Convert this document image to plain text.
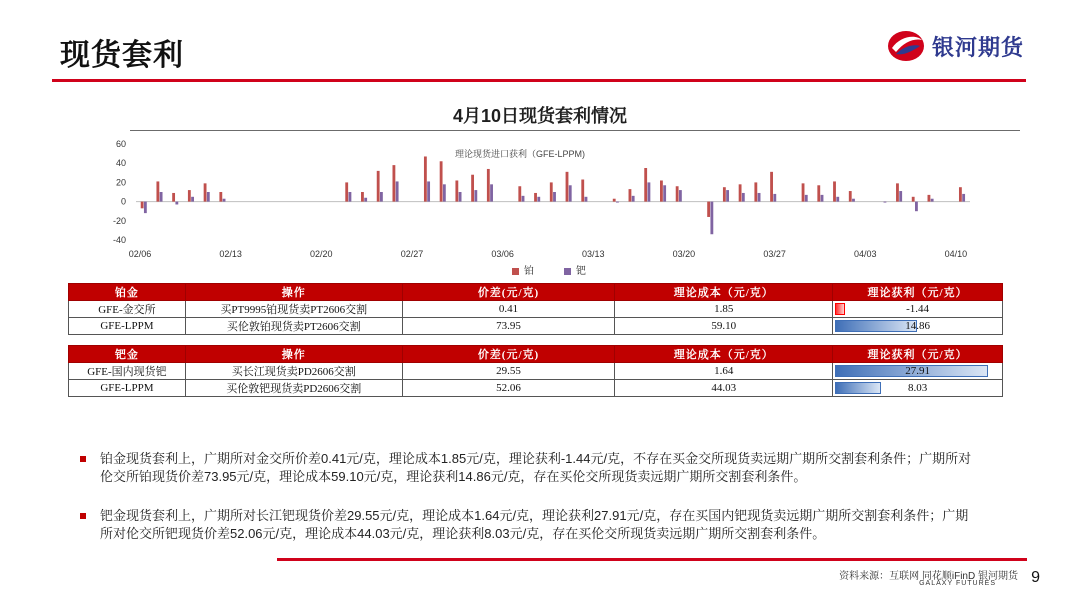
现货套利	银河期货
4月10日现货套利情况
60
40
20
0
-20
-40
理论现货进口获利（GFE-LPPM)
02/06	02/13	02/20	02/27	03/06	03/13	03/20	03/27	04/03	04/10
铂	钯
铂金	操作	价差(元/克)	理论成本（元/克）	理论获利（元/克）
GFE-金交所	买PT9995铂现货卖PT2606交割	0.41	1.85	-1.44
GFE-LPPM	买伦敦铂现货卖PT2606交割	73.95	59.10	14.86
钯金	操作	价差(元/克)	理论成本（元/克）	理论获利（元/克）
GFE-国内现货钯	买长江现货卖PD2606交割	29.55	1.64	27.91
GFE-LPPM	买伦敦钯现货卖PD2606交割	52.06	44.03	8.03
铂金现货套利上，广期所对金交所价差0.41元/克，理论成本1.85元/克，理论获利-1.44元/克，不存在买金交所现货卖远期广期所交割套利条件；广期所对伦交所铂现货价差73.95元/克，理论成本59.10元/克，理论获利14.86元/克，存在买伦交所现货卖远期广期所交割套利条件。
钯金现货套利上，广期所对长江钯现货价差29.55元/克，理论成本1.64元/克，理论获利27.91元/克，存在买国内钯现货卖远期广期所交割套利条件；广期所对伦交所钯现货价差52.06元/克，理论成本44.03元/克，理论获利8.03元/克，存在买伦交所现货卖远期广期所交割套利条件。
资料来源：互联网 同花顺iFinD 银河期货
GALAXY FUTURES 9
